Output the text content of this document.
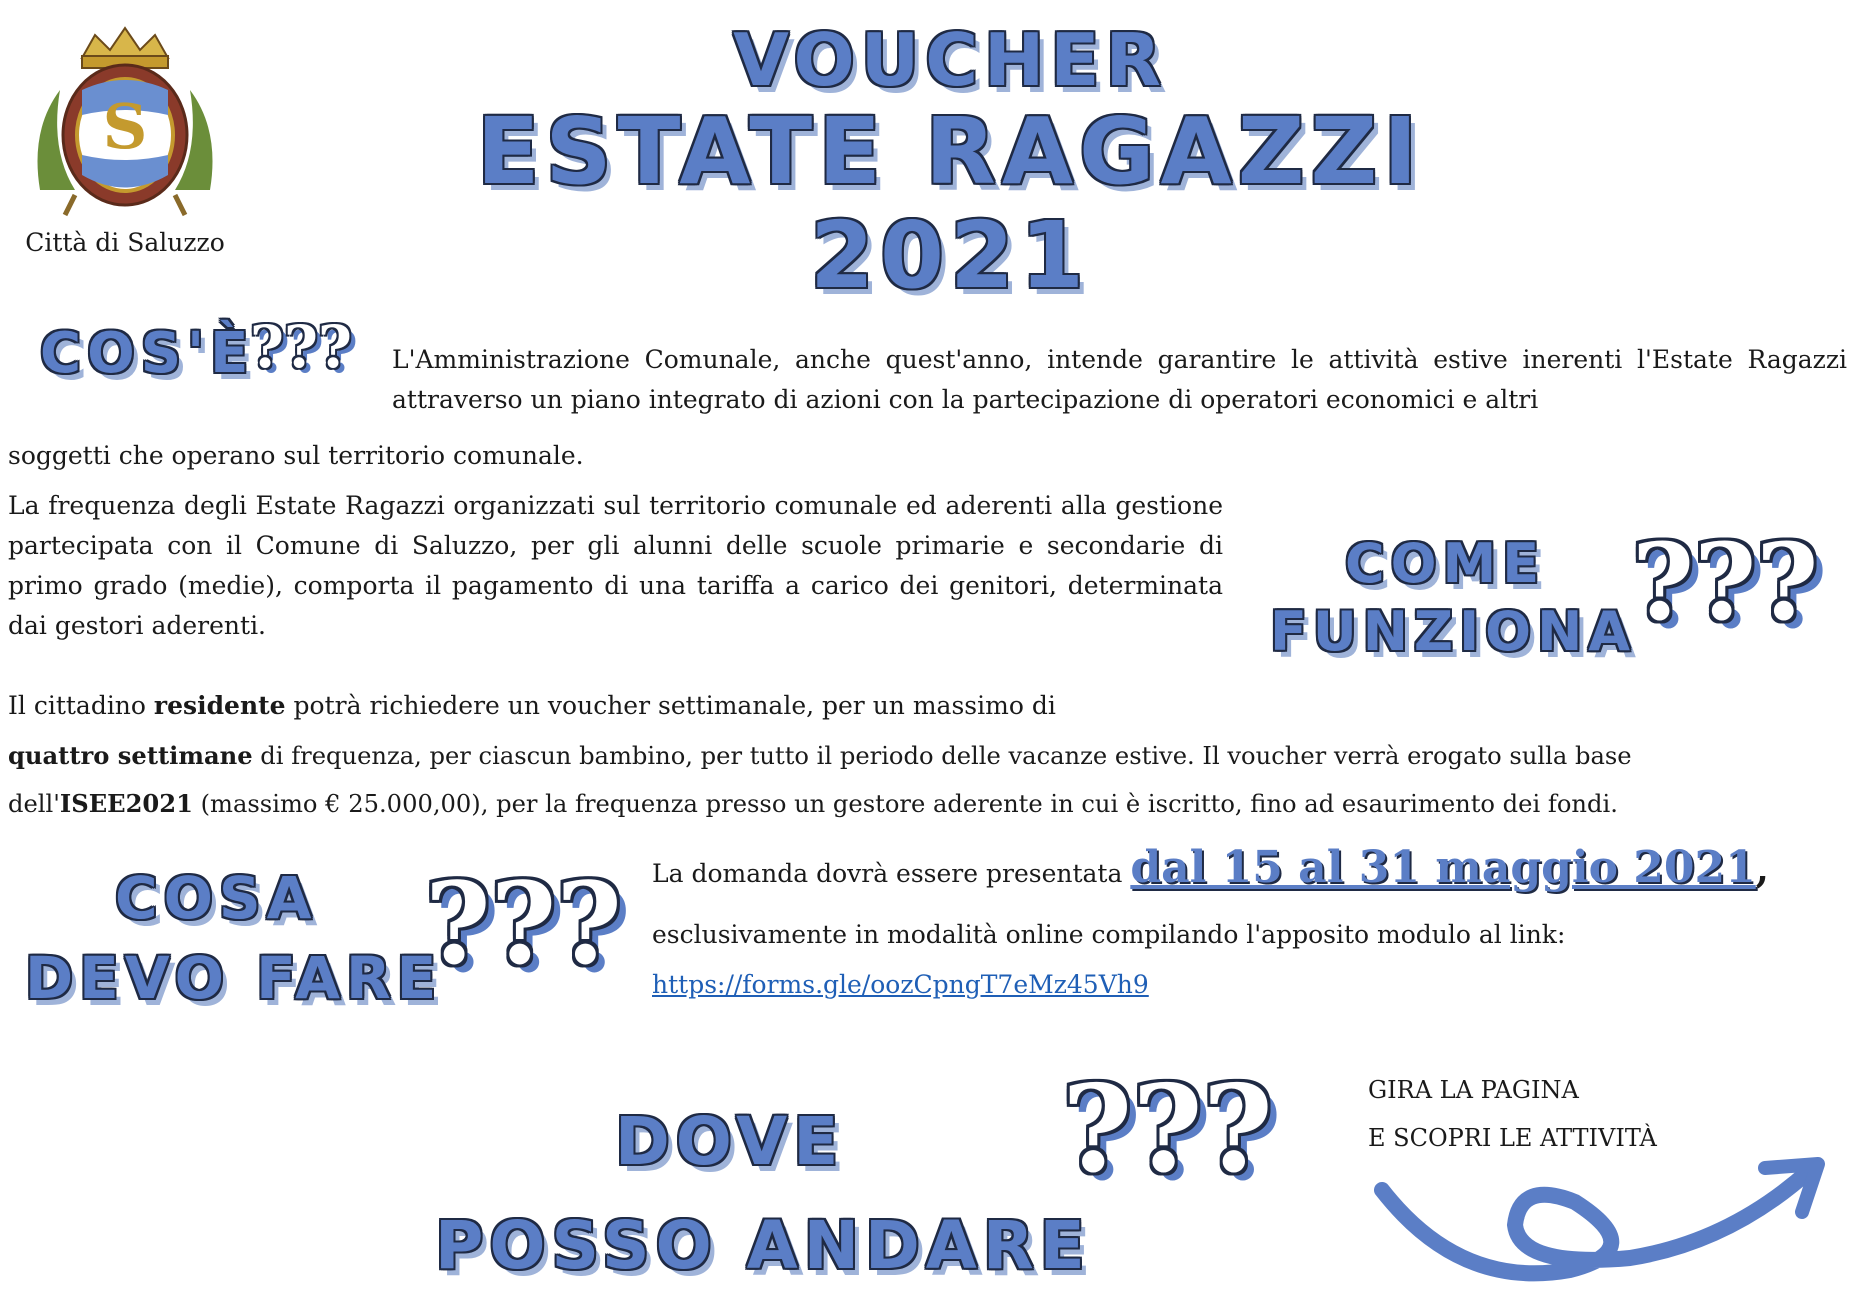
S
Città di Saluzzo
VOUCHER
ESTATE RAGAZZI
2021
COS'È
??? L'Amministrazione Comunale, anche quest'anno, intende garantire le attività estive inerenti l'Estate Ragazzi attraverso un piano integrato di azioni con la partecipazione di operatori economici e altri
soggetti che operano sul territorio comunale.
La frequenza degli Estate Ragazzi organizzati sul territorio comunale ed aderenti alla gestione partecipata con il Comune di Saluzzo, per gli alunni delle scuole primarie e secondarie di primo grado (medie), comporta il pagamento di una tariffa a carico dei genitori, determinata dai gestori aderenti.
COME
FUNZIONA
???
Il cittadino residente potrà richiedere un voucher settimanale, per un massimo di
quattro settimane di frequenza, per ciascun bambino, per tutto il periodo delle vacanze estive. Il voucher verrà erogato sulla base
dell'ISEE2021 (massimo € 25.000,00), per la frequenza presso un gestore aderente in cui è iscritto, fino ad esaurimento dei fondi.
COSA
DEVO FARE
??? La domanda dovrà essere presentata dal 15 al 31 maggio 2021,
esclusivamente in modalità online compilando l'apposito modulo al link:
https://forms.gle/oozCpngT7eMz45Vh9
DOVE
POSSO ANDARE
???	GIRA LA PAGINA
E SCOPRI LE ATTIVITÀ
